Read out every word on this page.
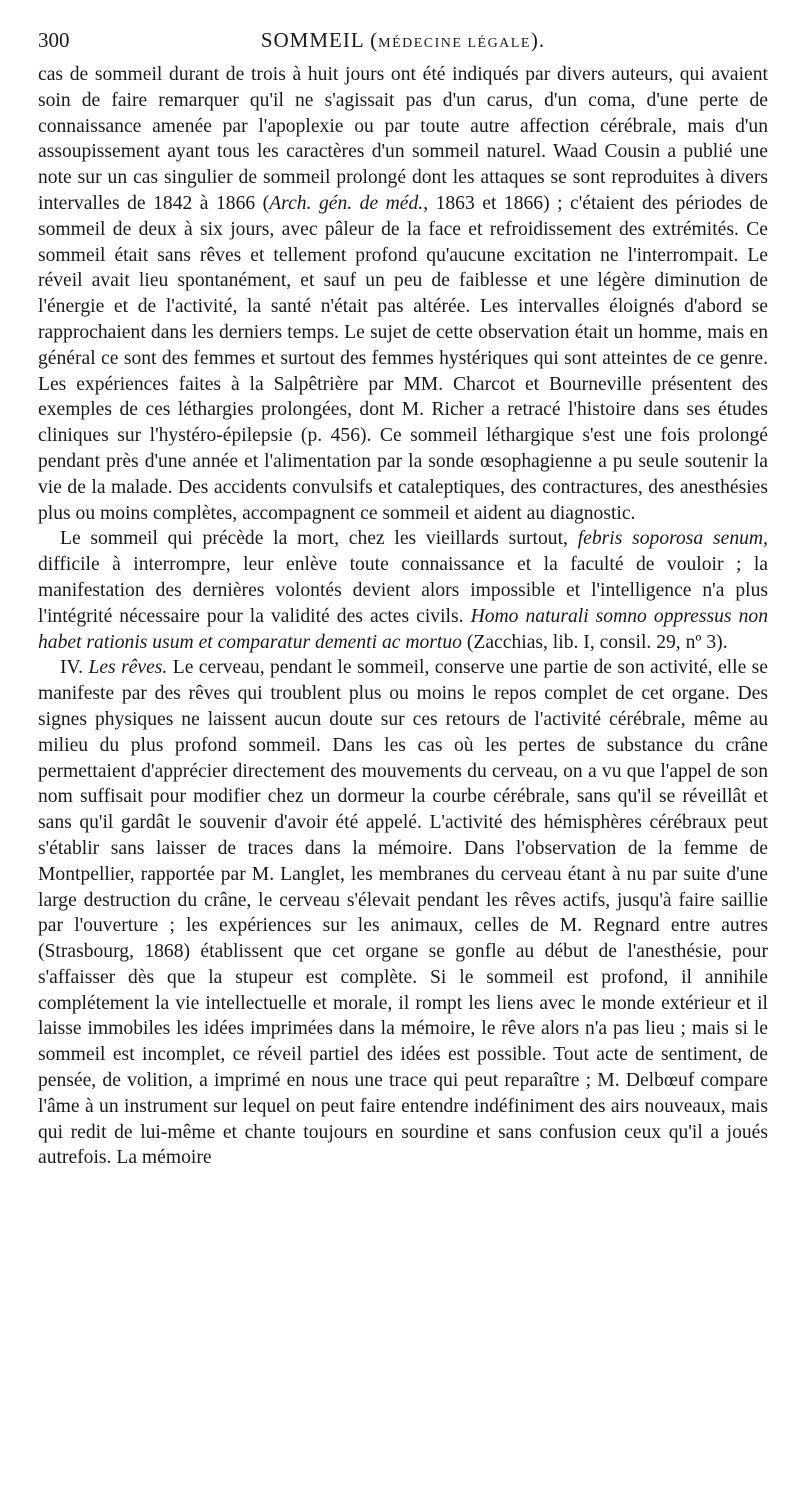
300	SOMMEIL (MÉDECINE LÉGALE).

cas de sommeil durant de trois à huit jours ont été indiqués par divers auteurs, qui avaient soin de faire remarquer qu'il ne s'agissait pas d'un carus, d'un coma, d'une perte de connaissance amenée par l'apoplexie ou par toute autre affection cérébrale, mais d'un assoupissement ayant tous les caractères d'un sommeil naturel. Waad Cousin a publié une note sur un cas singulier de sommeil prolongé dont les attaques se sont reproduites à divers intervalles de 1842 à 1866 (Arch. gén. de méd., 1863 et 1866) ; c'étaient des périodes de sommeil de deux à six jours, avec pâleur de la face et refroidissement des extrémités. Ce sommeil était sans rêves et tellement profond qu'aucune excitation ne l'interrompait. Le réveil avait lieu spontanément, et sauf un peu de faiblesse et une légère diminution de l'énergie et de l'activité, la santé n'était pas altérée. Les intervalles éloignés d'abord se rapprochaient dans les derniers temps. Le sujet de cette observation était un homme, mais en général ce sont des femmes et surtout des femmes hystériques qui sont atteintes de ce genre. Les expériences faites à la Salpêtrière par MM. Charcot et Bourneville présentent des exemples de ces léthargies prolongées, dont M. Richer a retracé l'histoire dans ses études cliniques sur l'hystéro-épilepsie (p. 456). Ce sommeil léthargique s'est une fois prolongé pendant près d'une année et l'alimentation par la sonde œsophagienne a pu seule soutenir la vie de la malade. Des accidents convulsifs et cataleptiques, des contractures, des anesthésies plus ou moins complètes, accompagnent ce sommeil et aident au diagnostic.

Le sommeil qui précède la mort, chez les vieillards surtout, febris soporosa senum, difficile à interrompre, leur enlève toute connaissance et la faculté de vouloir ; la manifestation des dernières volontés devient alors impossible et l'intelligence n'a plus l'intégrité nécessaire pour la validité des actes civils. Homo naturali somno oppressus non habet rationis usum et comparatur dementi ac mortuo (Zacchias, lib. I, consil. 29, nº 3).

IV. Les rêves. Le cerveau, pendant le sommeil, conserve une partie de son activité, elle se manifeste par des rêves qui troublent plus ou moins le repos complet de cet organe. Des signes physiques ne laissent aucun doute sur ces retours de l'activité cérébrale, même au milieu du plus profond sommeil. Dans les cas où les pertes de substance du crâne permettaient d'apprécier directement des mouvements du cerveau, on a vu que l'appel de son nom suffisait pour modifier chez un dormeur la courbe cérébrale, sans qu'il se réveillât et sans qu'il gardât le souvenir d'avoir été appelé. L'activité des hémisphères cérébraux peut s'établir sans laisser de traces dans la mémoire. Dans l'observation de la femme de Montpellier, rapportée par M. Langlet, les membranes du cerveau étant à nu par suite d'une large destruction du crâne, le cerveau s'élevait pendant les rêves actifs, jusqu'à faire saillie par l'ouverture ; les expériences sur les animaux, celles de M. Regnard entre autres (Strasbourg, 1868) établissent que cet organe se gonfle au début de l'anesthésie, pour s'affaisser dès que la stupeur est complète. Si le sommeil est profond, il annihile complétement la vie intellectuelle et morale, il rompt les liens avec le monde extérieur et il laisse immobiles les idées imprimées dans la mémoire, le rêve alors n'a pas lieu ; mais si le sommeil est incomplet, ce réveil partiel des idées est possible. Tout acte de sentiment, de pensée, de volition, a imprimé en nous une trace qui peut reparaître ; M. Delbœuf compare l'âme à un instrument sur lequel on peut faire entendre indéfiniment des airs nouveaux, mais qui redit de lui-même et chante toujours en sourdine et sans confusion ceux qu'il a joués autrefois. La mémoire
